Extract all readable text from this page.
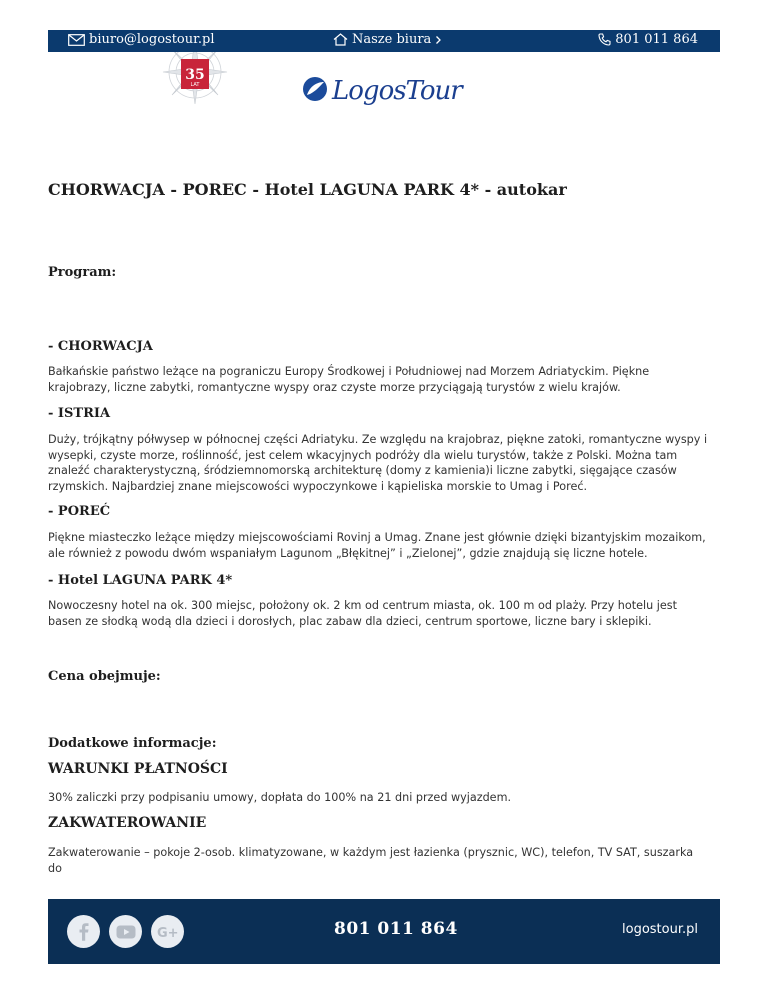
biuro@logostour.pl	Nasze biura	801 011 864
35
LAT	LogosTour
CHORWACJA - POREC - Hotel LAGUNA PARK 4* - autokar
Program:
- CHORWACJA

Bałkańskie państwo leżące na pograniczu Europy Środkowej i Południowej nad Morzem Adriatyckim. Piękne krajobrazy, liczne zabytki, romantyczne wyspy oraz czyste morze przyciągają turystów z wielu krajów.

- ISTRIA

Duży, trójkątny półwysep w północnej części Adriatyku. Ze względu na krajobraz, piękne zatoki, romantyczne wyspy i wysepki, czyste morze, roślinność, jest celem wkacyjnych podróży dla wielu turystów, także z Polski. Można tam znaleźć charakterystyczną, śródziemnomorską architekturę (domy z kamienia)i liczne zabytki, sięgające czasów rzymskich. Najbardziej znane miejscowości wypoczynkowe i kąpieliska morskie to Umag i Poreć.

- POREĆ

Piękne miasteczko leżące między miejscowościami Rovinj a Umag. Znane jest głównie dzięki bizantyjskim mozaikom, ale również z powodu dwóm wspaniałym Lagunom „Błękitnej” i „Zielonej”, gdzie znajdują się liczne hotele.

- Hotel LAGUNA PARK 4*

Nowoczesny hotel na ok. 300 miejsc, położony ok. 2 km od centrum miasta, ok. 100 m od plaży. Przy hotelu jest basen ze słodką wodą dla dzieci i dorosłych, plac zabaw dla dzieci, centrum sportowe, liczne bary i sklepiki.

Cena obejmuje:
Dodatkowe informacje:
WARUNKI PŁATNOŚCI

30% zaliczki przy podpisaniu umowy, dopłata do 100% na 21 dni przed wyjazdem.

ZAKWATEROWANIE

Zakwaterowanie – pokoje 2-osob. klimatyzowane, w każdym jest łazienka (prysznic, WC), telefon, TV SAT, suszarka do

G+	801 011 864	logostour.pl
